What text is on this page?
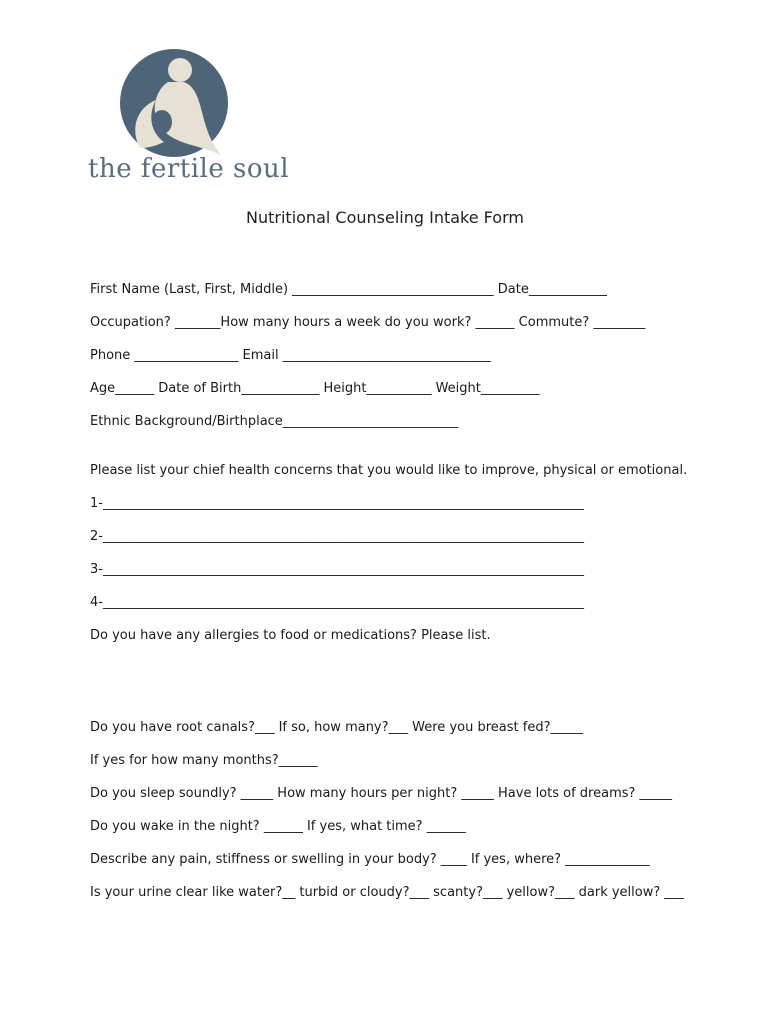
the fertile soul
Nutritional Counseling Intake Form
First Name (Last, First, Middle) _______________________________ Date____________
Occupation? _______How many hours a week do you work? ______ Commute? ________
Phone ________________ Email ________________________________
Age______ Date of Birth____________ Height__________ Weight_________
Ethnic Background/Birthplace___________________________
Please list your chief health concerns that you would like to improve, physical or emotional.
1-__________________________________________________________________________
2-__________________________________________________________________________
3-__________________________________________________________________________
4-__________________________________________________________________________
Do you have any allergies to food or medications? Please list.
Do you have root canals?___ If so, how many?___ Were you breast fed?_____
If yes for how many months?______
Do you sleep soundly? _____ How many hours per night? _____ Have lots of dreams? _____
Do you wake in the night? ______ If yes, what time? ______
Describe any pain, stiffness or swelling in your body? ____ If yes, where? _____________
Is your urine clear like water?__ turbid or cloudy?___ scanty?___ yellow?___ dark yellow? ___
